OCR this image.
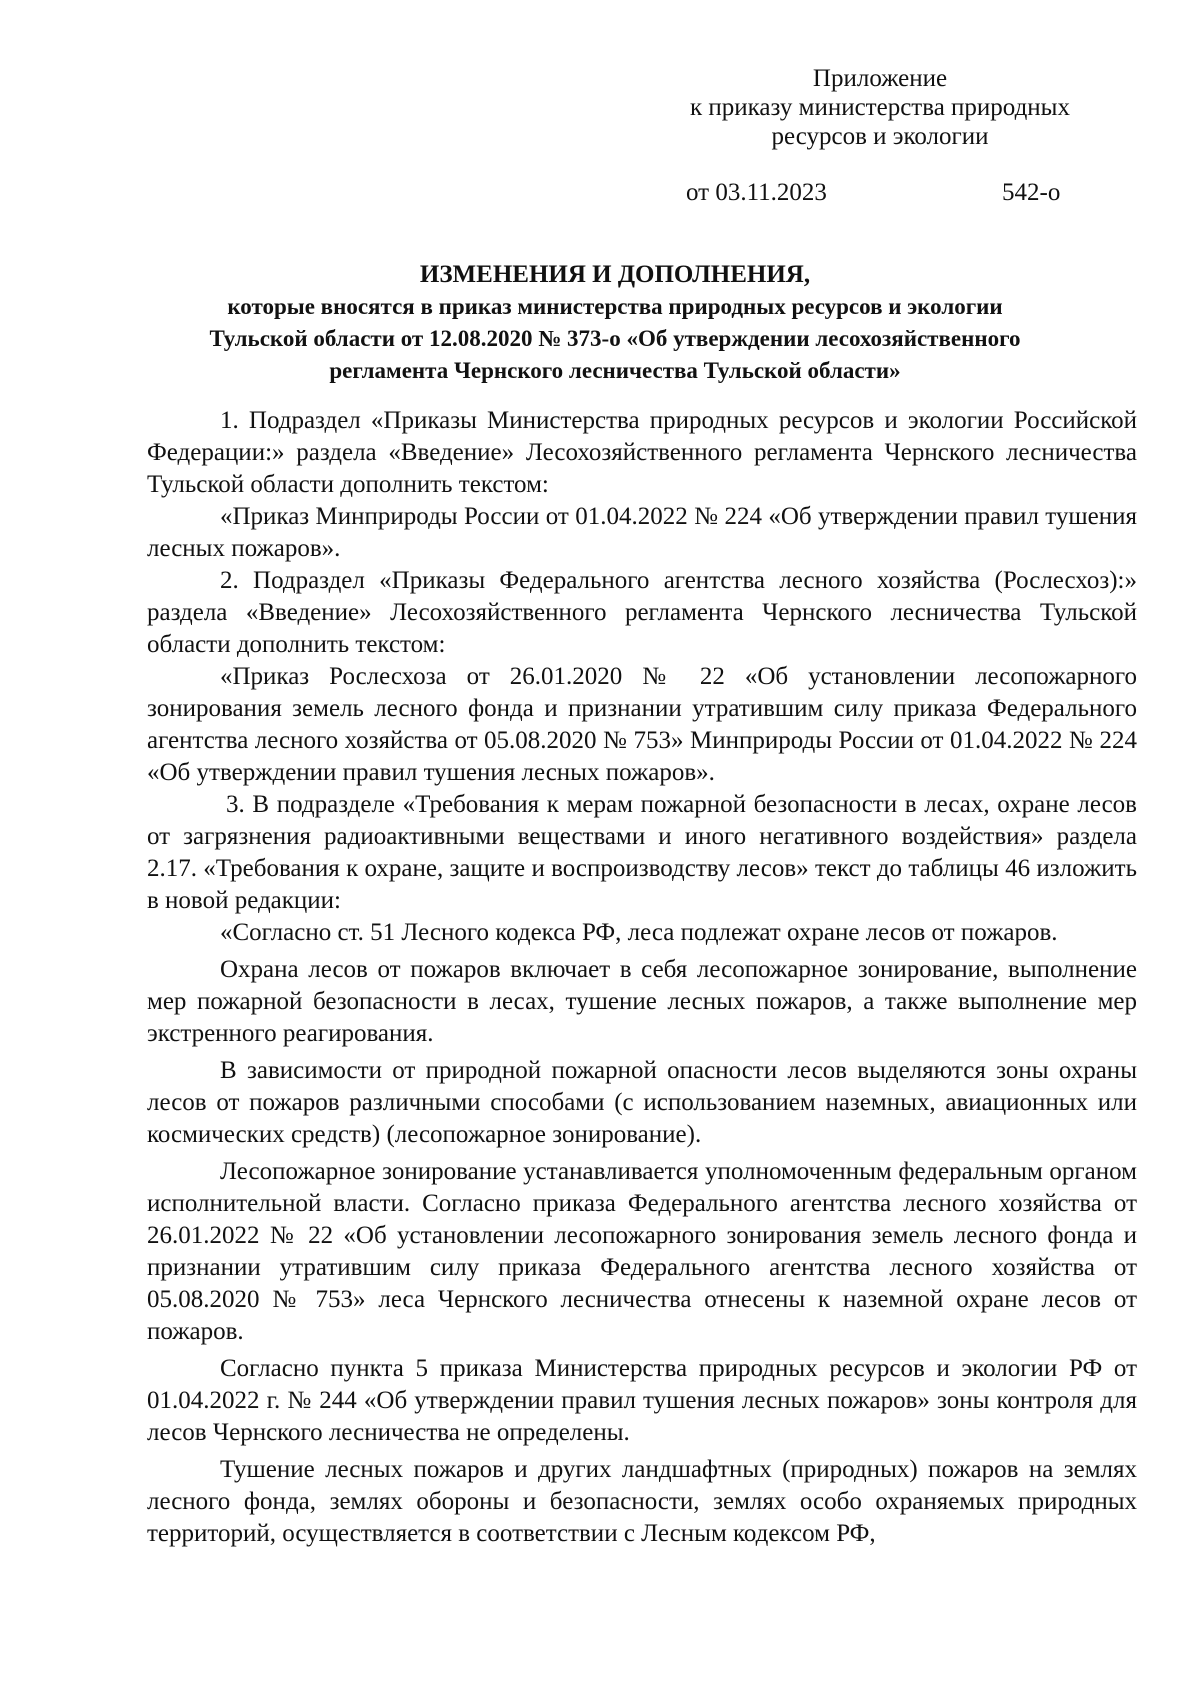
Приложение
к приказу министерства природных
ресурсов и экологии
от 03.11.2023	542-о
ИЗМЕНЕНИЯ И ДОПОЛНЕНИЯ,
которые вносятся в приказ министерства природных ресурсов и экологии
Тульской области от 12.08.2020 № 373-о «Об утверждении лесохозяйственного
регламента Чернского лесничества Тульской области»

1. Подраздел «Приказы Министерства природных ресурсов и экологии Российской Федерации:» раздела «Введение» Лесохозяйственного регламента Чернского лесничества Тульской области дополнить текстом:

«Приказ Минприроды России от 01.04.2022 № 224 «Об утверждении правил тушения лесных пожаров».

2. Подраздел «Приказы Федерального агентства лесного хозяйства (Рослесхоз):» раздела «Введение» Лесохозяйственного регламента Чернского лесничества Тульской области дополнить текстом:

«Приказ Рослесхоза от 26.01.2020 № 22 «Об установлении лесопожарного зонирования земель лесного фонда и признании утратившим силу приказа Федерального агентства лесного хозяйства от 05.08.2020 № 753» Минприроды России от 01.04.2022 № 224 «Об утверждении правил тушения лесных пожаров».

3. В подразделе «Требования к мерам пожарной безопасности в лесах, охране лесов от загрязнения радиоактивными веществами и иного негативного воздействия» раздела 2.17. «Требования к охране, защите и воспроизводству лесов» текст до таблицы 46 изложить в новой редакции:

«Согласно ст. 51 Лесного кодекса РФ, леса подлежат охране лесов от пожаров.

Охрана лесов от пожаров включает в себя лесопожарное зонирование, выполнение мер пожарной безопасности в лесах, тушение лесных пожаров, а также выполнение мер экстренного реагирования.

В зависимости от природной пожарной опасности лесов выделяются зоны охраны лесов от пожаров различными способами (с использованием наземных, авиационных или космических средств) (лесопожарное зонирование).

Лесопожарное зонирование устанавливается уполномоченным федеральным органом исполнительной власти. Согласно приказа Федерального агентства лесного хозяйства от 26.01.2022 № 22 «Об установлении лесопожарного зонирования земель лесного фонда и признании утратившим силу приказа Федерального агентства лесного хозяйства от 05.08.2020 № 753» леса Чернского лесничества отнесены к наземной охране лесов от пожаров.

Согласно пункта 5 приказа Министерства природных ресурсов и экологии РФ от 01.04.2022 г. № 244 «Об утверждении правил тушения лесных пожаров» зоны контроля для лесов Чернского лесничества не определены.

Тушение лесных пожаров и других ландшафтных (природных) пожаров на землях лесного фонда, землях обороны и безопасности, землях особо охраняемых природных территорий, осуществляется в соответствии с Лесным кодексом РФ,
